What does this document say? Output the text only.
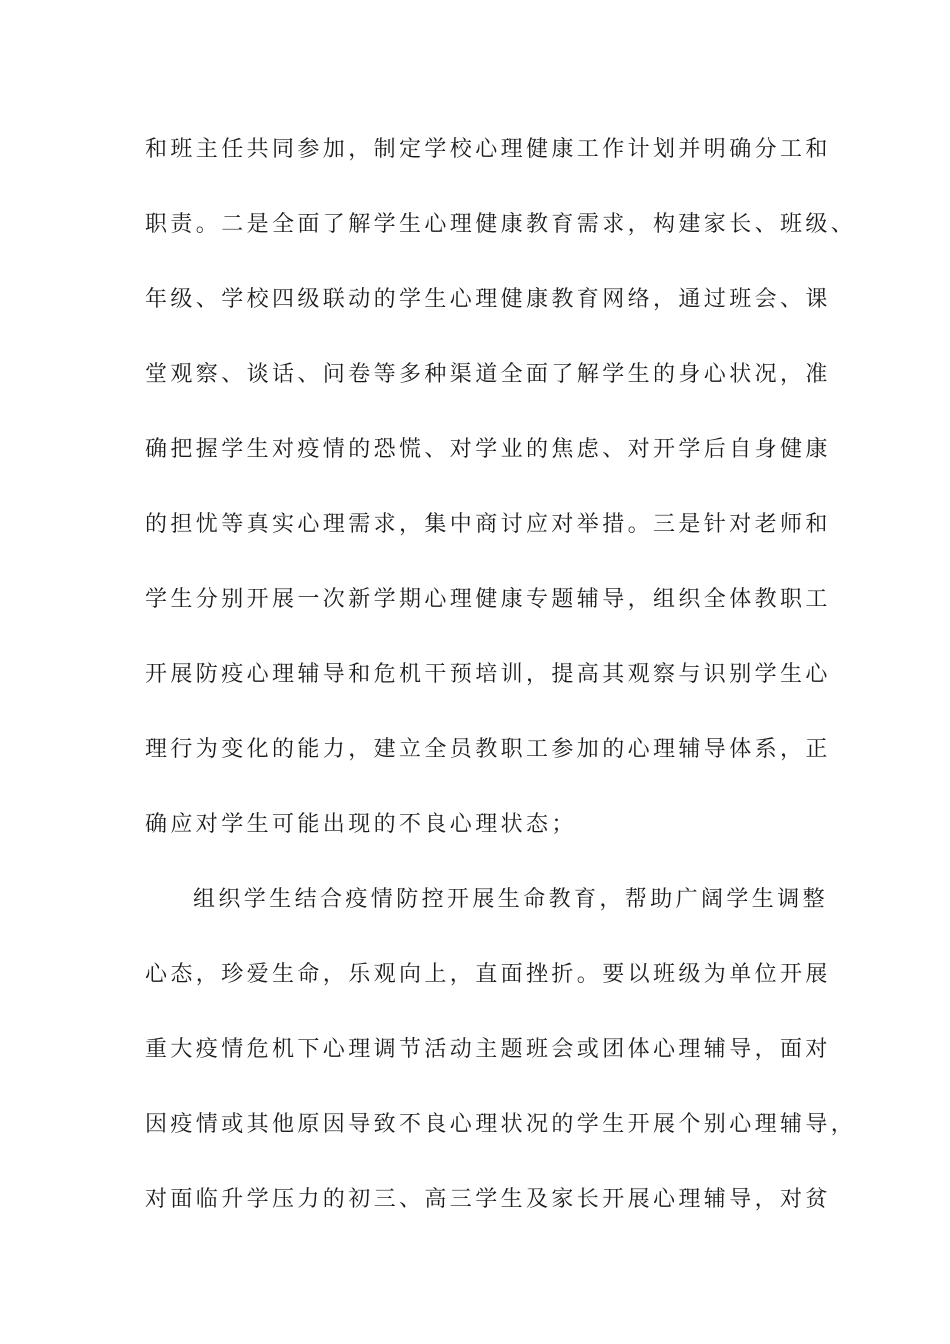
和班主任共同参加，制定学校心理健康工作计划并明确分工和
职责。二是全面了解学生心理健康教育需求，构建家长、班级、
年级、学校四级联动的学生心理健康教育网络，通过班会、课
堂观察、谈话、问卷等多种渠道全面了解学生的身心状况，准
确把握学生对疫情的恐慌、对学业的焦虑、对开学后自身健康
的担忧等真实心理需求，集中商讨应对举措。三是针对老师和
学生分别开展一次新学期心理健康专题辅导，组织全体教职工
开展防疫心理辅导和危机干预培训，提高其观察与识别学生心
理行为变化的能力，建立全员教职工参加的心理辅导体系，正
确应对学生可能出现的不良心理状态；
组织学生结合疫情防控开展生命教育，帮助广阔学生调整
心态，珍爱生命，乐观向上，直面挫折。要以班级为单位开展
重大疫情危机下心理调节活动主题班会或团体心理辅导，面对
因疫情或其他原因导致不良心理状况的学生开展个别心理辅导，
对面临升学压力的初三、高三学生及家长开展心理辅导，对贫
